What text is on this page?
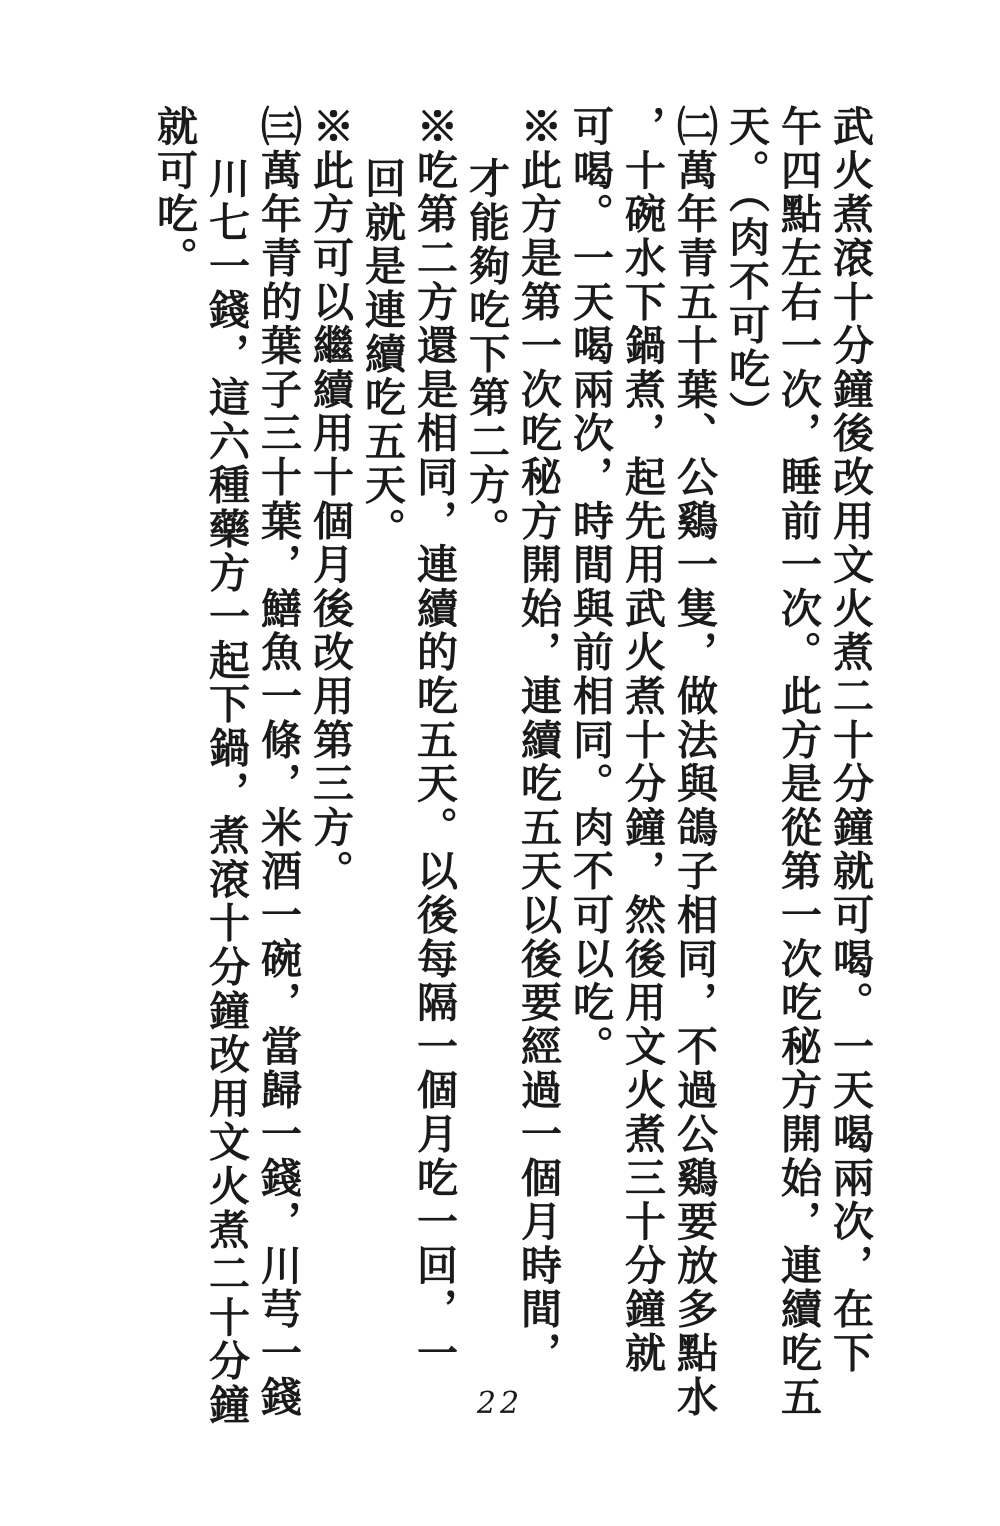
武火煮滾十分鐘後改用文火煮二十分鐘就可喝。一天喝兩次，在下
午四點左右一次，睡前一次。此方是從第一次吃秘方開始，連續吃五
天。（肉不可吃）
㈡萬年青五十葉、公鷄一隻，做法與鴿子相同，不過公鷄要放多點水
，十碗水下鍋煮，起先用武火煮十分鐘，然後用文火煮三十分鐘就
可喝。一天喝兩次，時間與前相同。肉不可以吃。
※此方是第一次吃秘方開始，連續吃五天以後要經過一個月時間，
才能夠吃下第二方。
※吃第二方還是相同，連續的吃五天。以後每隔一個月吃一回，一
回就是連續吃五天。
※此方可以繼續用十個月後改用第三方。
㈢萬年青的葉子三十葉，鱔魚一條，米酒一碗，當歸一錢，川芎一錢
川七一錢，這六種藥方一起下鍋，煮滾十分鐘改用文火煮二十分鐘
就可吃。
22
